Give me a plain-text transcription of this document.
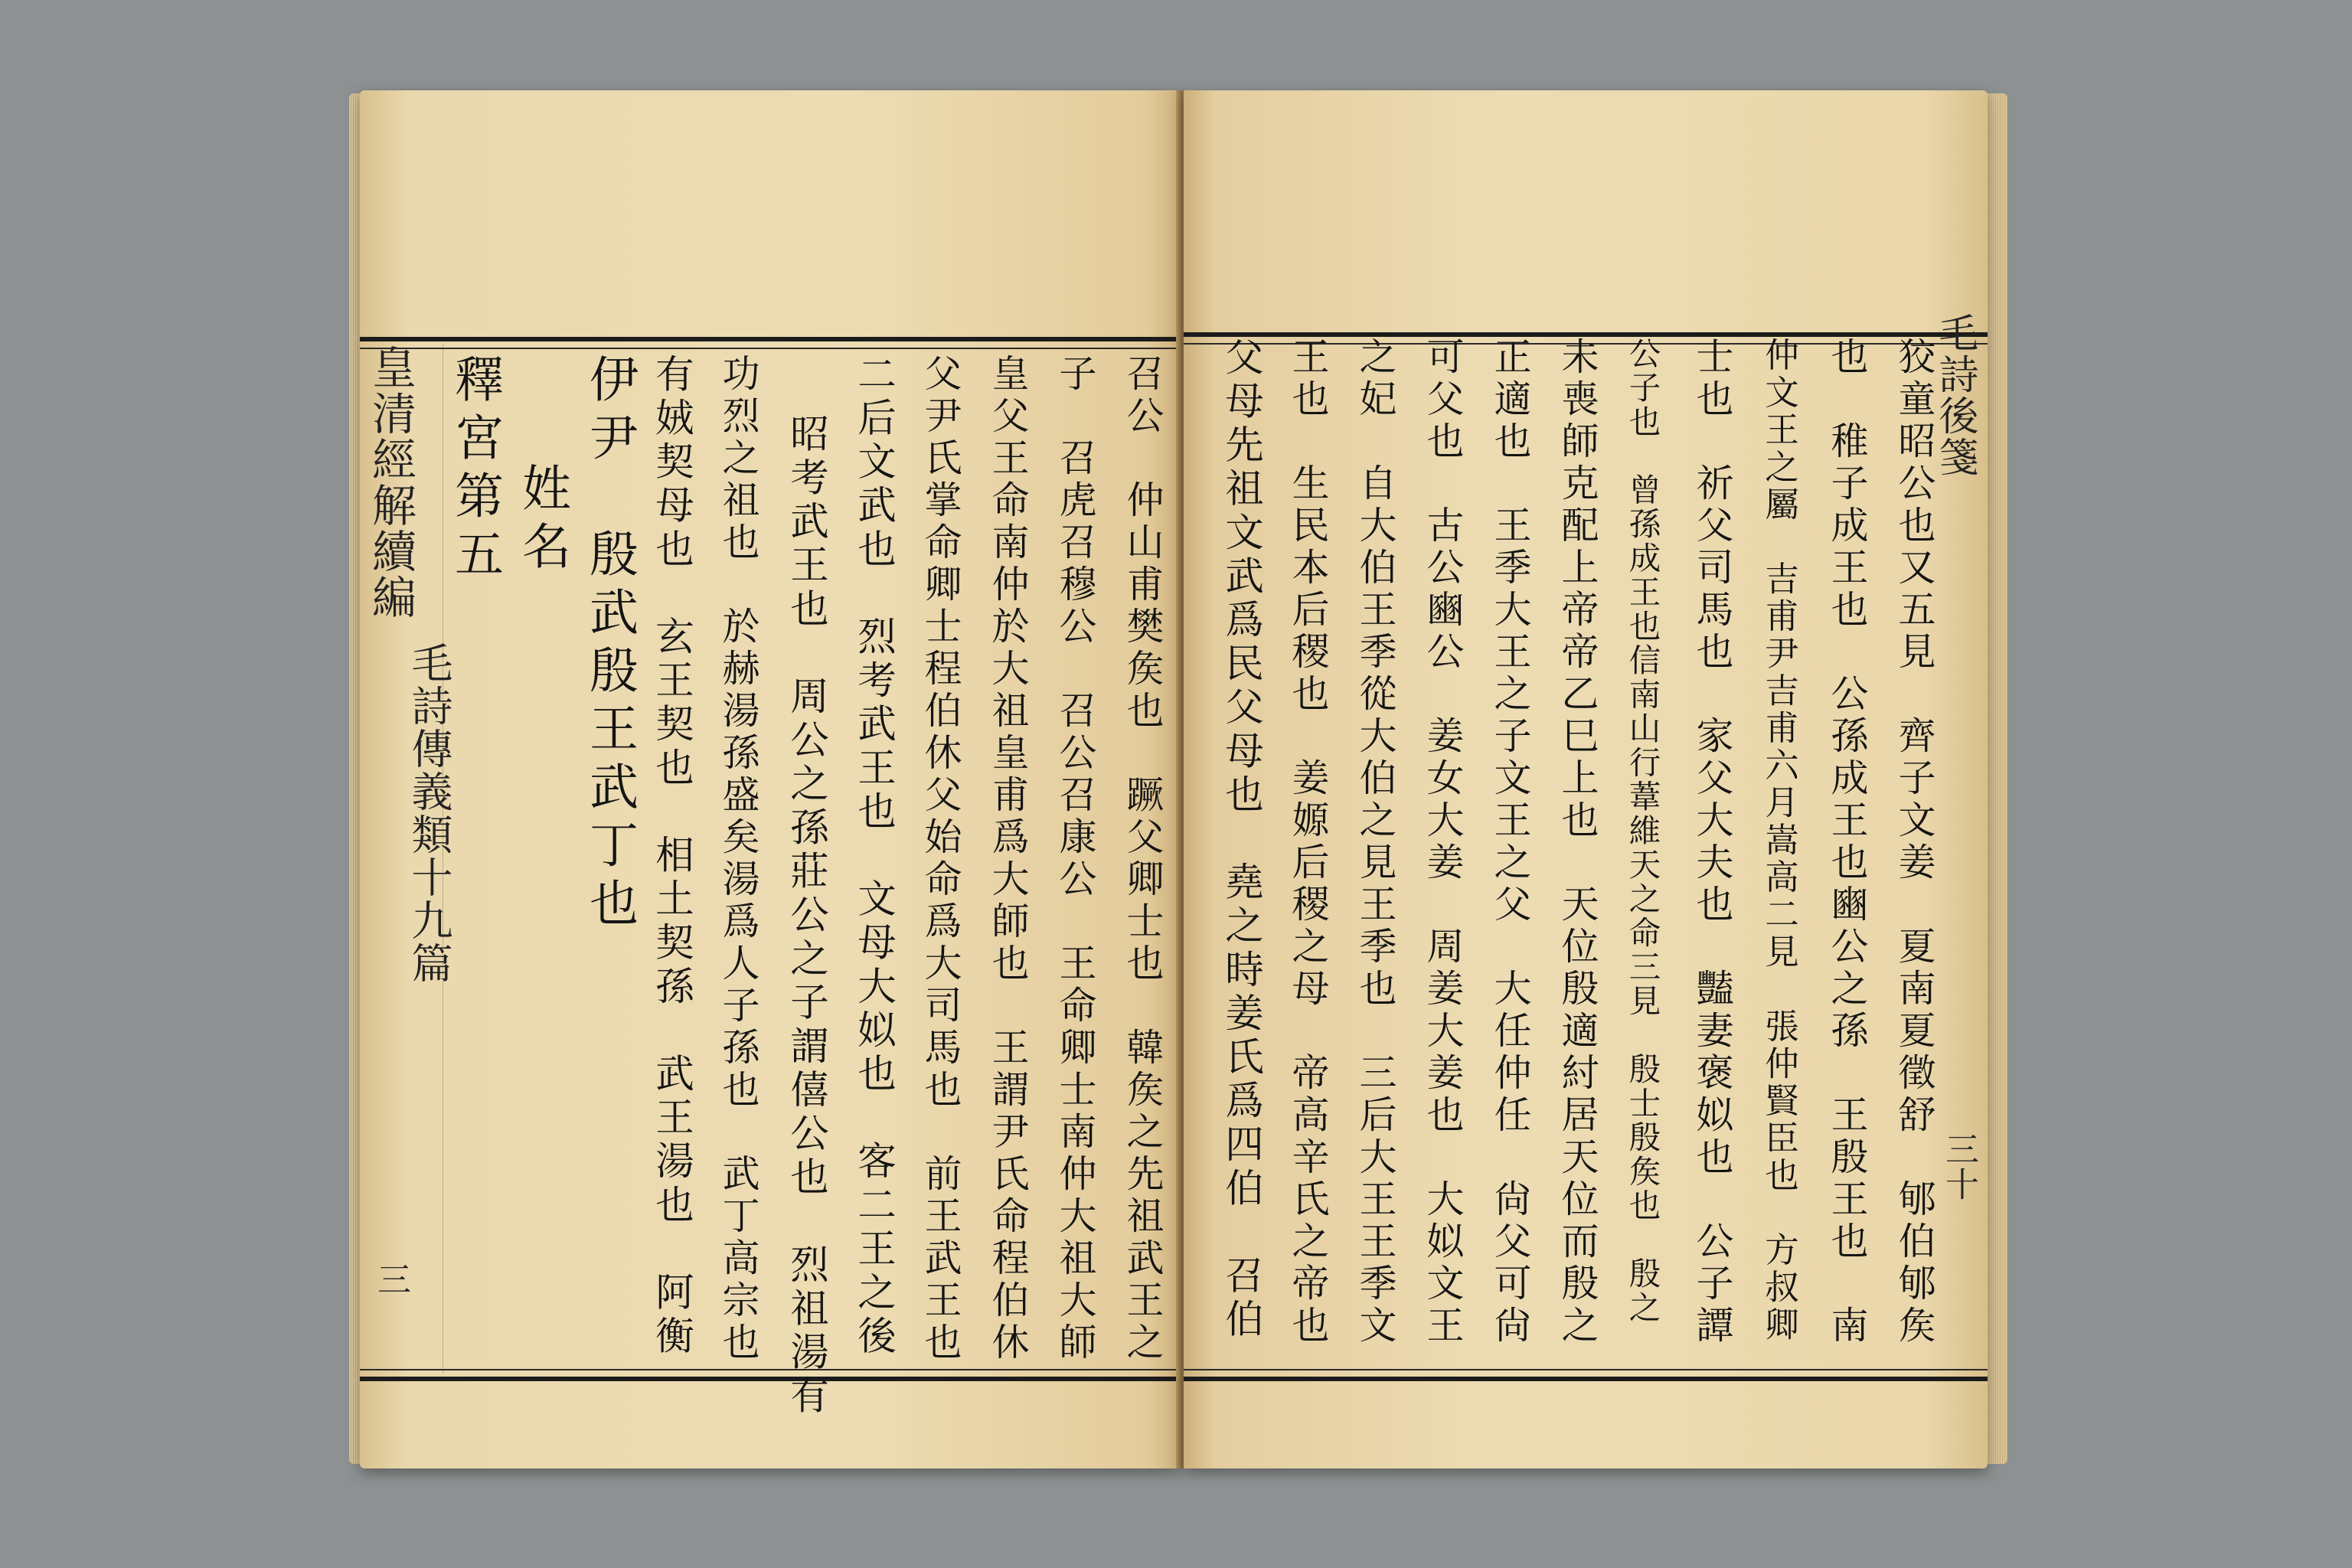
皇清經解續編
毛詩傳義類十九篇
三	召公　仲山甫樊矦也　蹶父卿士也　韓矦之先祖武王之
子　召虎召穆公　召公召康公　王命卿士南仲大祖大師
皇父王命南仲於大祖皇甫爲大師也　王謂尹氏命程伯休
父尹氏掌命卿士程伯休父始命爲大司馬也　前王武王也
二后文武也　烈考武王也　文母大姒也　客二王之後
昭考武王也　周公之孫莊公之子謂僖公也　烈祖湯有
功烈之祖也　於赫湯孫盛矣湯爲人子孫也　武丁高宗也
有娀契母也　玄王契也　相土契孫　武王湯也　阿衡
伊尹　殷武殷王武丁也
姓名
釋宮第五	毛詩後箋
三十
狡童昭公也又五見　齊子文姜　夏南夏徵舒　郇伯郇矦
也　稚子成王也　公孫成王也豳公之孫　王殷王也　南
仲文王之屬　吉甫尹吉甫六月嵩高二見　張仲賢臣也　方叔卿
士也　祈父司馬也　家父大夫也　豔妻褒姒也　公子譚
公子也　曾孫成王也信南山行葦維天之命三見　殷士殷矦也　殷之
未喪師克配上帝帝乙巳上也　天位殷適紂居天位而殷之
正適也　王季大王之子文王之父　大任仲任　尙父可尙
可父也　古公豳公　姜女大姜　周姜大姜也　大姒文王
之妃　自大伯王季從大伯之見王季也　三后大王王季文
王也　生民本后稷也　姜嫄后稷之母　帝高辛氏之帝也
父母先祖文武爲民父母也　堯之時姜氏爲四伯　召伯
